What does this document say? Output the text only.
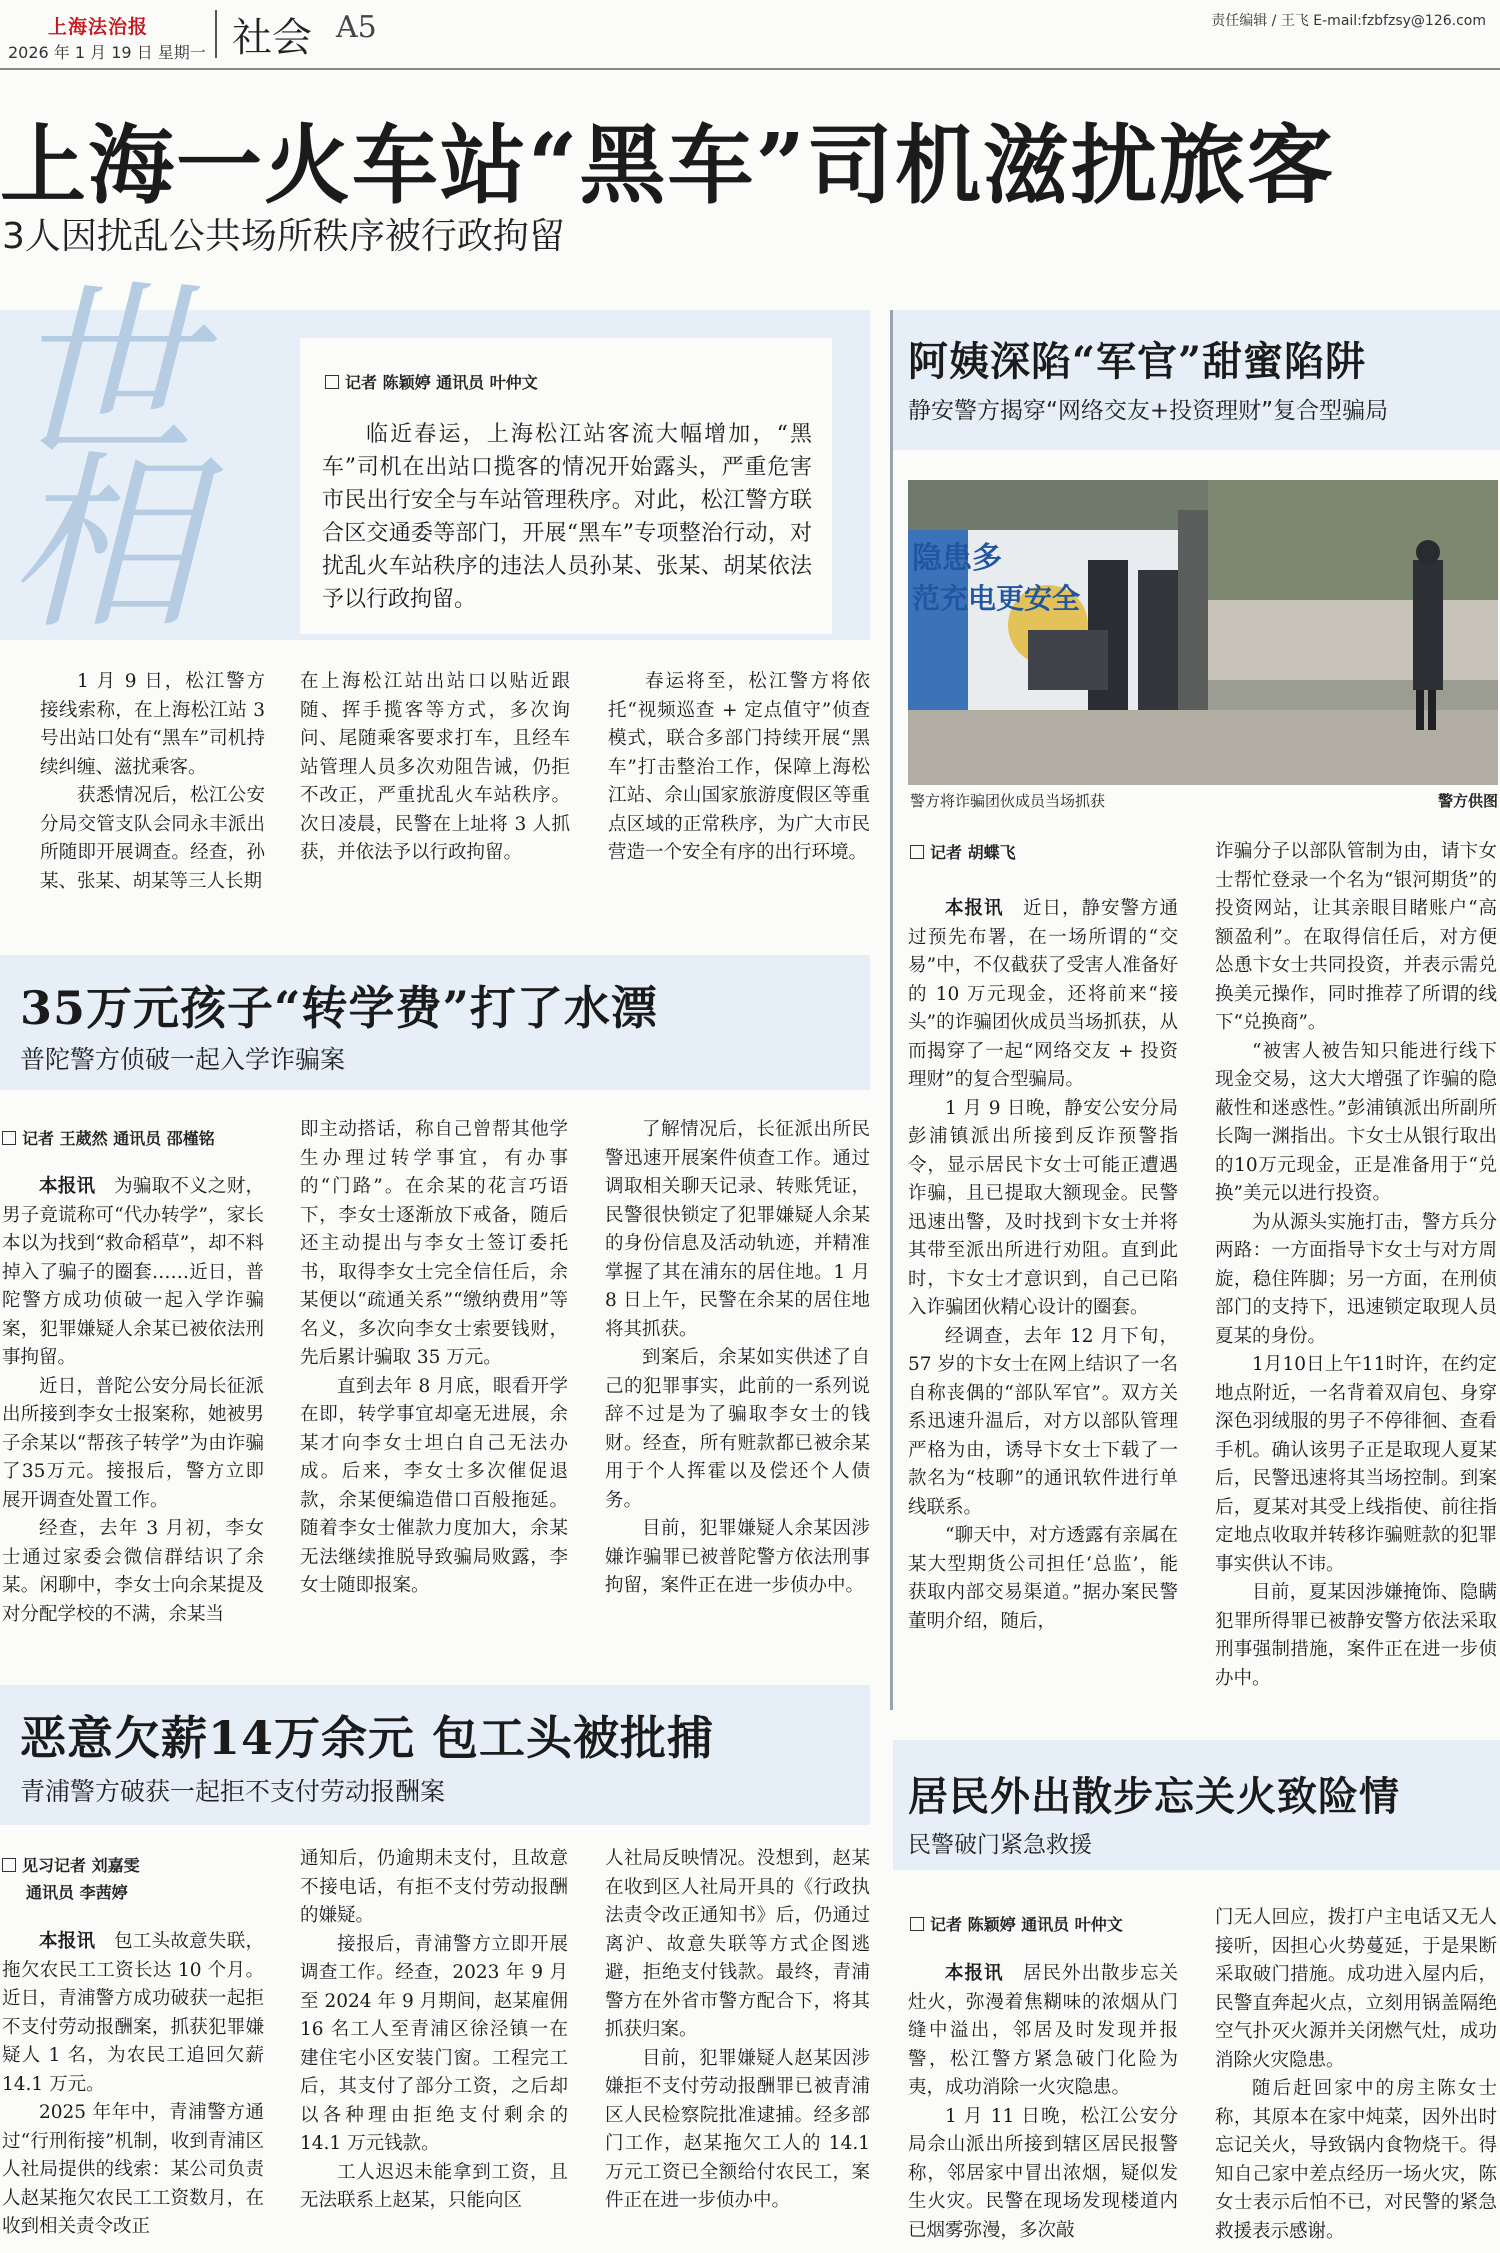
上海法治报
2026 年 1 月 19 日 星期一 社会 A5	责任编辑 / 王飞 E-mail:fzbfzsy@126.com
上海一火车站“黑车”司机滋扰旅客
3人因扰乱公共场所秩序被行政拘留
世相
记者 陈颖婷 通讯员 叶仲文
临近春运，上海松江站客流大幅增加，“黑车”司机在出站口揽客的情况开始露头，严重危害市民出行安全与车站管理秩序。对此，松江警方联合区交通委等部门，开展“黑车”专项整治行动，对扰乱火车站秩序的违法人员孙某、张某、胡某依法予以行政拘留。

1 月 9 日，松江警方接线索称，在上海松江站 3 号出站口处有“黑车”司机持续纠缠、滋扰乘客。

获悉情况后，松江公安分局交管支队会同永丰派出所随即开展调查。经查，孙某、张某、胡某等三人长期

在上海松江站出站口以贴近跟随、挥手揽客等方式，多次询问、尾随乘客要求打车，且经车站管理人员多次劝阻告诫，仍拒不改正，严重扰乱火车站秩序。次日凌晨，民警在上址将 3 人抓获，并依法予以行政拘留。

春运将至，松江警方将依托“视频巡查 + 定点值守”侦查模式，联合多部门持续开展“黑车”打击整治工作，保障上海松江站、佘山国家旅游度假区等重点区域的正常秩序，为广大市民营造一个安全有序的出行环境。

35万元孩子“转学费”打了水漂
普陀警方侦破一起入学诈骗案
记者 王葳然 通讯员 邵槿铭

本报讯  为骗取不义之财，男子竟谎称可“代办转学”，家长本以为找到“救命稻草”，却不料掉入了骗子的圈套……近日，普陀警方成功侦破一起入学诈骗案，犯罪嫌疑人余某已被依法刑事拘留。

近日，普陀公安分局长征派出所接到李女士报案称，她被男子余某以“帮孩子转学”为由诈骗了35万元。接报后，警方立即展开调查处置工作。

经查，去年 3 月初，李女士通过家委会微信群结识了余某。闲聊中，李女士向余某提及对分配学校的不满，余某当

即主动搭话，称自己曾帮其他学生办理过转学事宜，有办事的“门路”。在余某的花言巧语下，李女士逐渐放下戒备，随后还主动提出与李女士签订委托书，取得李女士完全信任后，余某便以“疏通关系”“缴纳费用”等名义，多次向李女士索要钱财，先后累计骗取 35 万元。

直到去年 8 月底，眼看开学在即，转学事宜却毫无进展，余某才向李女士坦白自己无法办成。后来，李女士多次催促退款，余某便编造借口百般拖延。随着李女士催款力度加大，余某无法继续推脱导致骗局败露，李女士随即报案。

了解情况后，长征派出所民警迅速开展案件侦查工作。通过调取相关聊天记录、转账凭证，民警很快锁定了犯罪嫌疑人余某的身份信息及活动轨迹，并精准掌握了其在浦东的居住地。1 月 8 日上午，民警在余某的居住地将其抓获。

到案后，余某如实供述了自己的犯罪事实，此前的一系列说辞不过是为了骗取李女士的钱财。经查，所有赃款都已被余某用于个人挥霍以及偿还个人债务。

目前，犯罪嫌疑人余某因涉嫌诈骗罪已被普陀警方依法刑事拘留，案件正在进一步侦办中。

恶意欠薪14万余元 包工头被批捕
青浦警方破获一起拒不支付劳动报酬案
见习记者 刘嘉雯
通讯员 李茜婷

本报讯  包工头故意失联，拖欠农民工工资长达 10 个月。近日，青浦警方成功破获一起拒不支付劳动报酬案，抓获犯罪嫌疑人 1 名，为农民工追回欠薪 14.1 万元。

2025 年年中，青浦警方通过“行刑衔接”机制，收到青浦区人社局提供的线索：某公司负责人赵某拖欠农民工工资数月，在收到相关责令改正

通知后，仍逾期未支付，且故意不接电话，有拒不支付劳动报酬的嫌疑。

接报后，青浦警方立即开展调查工作。经查，2023 年 9 月至 2024 年 9 月期间，赵某雇佣 16 名工人至青浦区徐泾镇一在建住宅小区安装门窗。工程完工后，其支付了部分工资，之后却以各种理由拒绝支付剩余的 14.1 万元钱款。

工人迟迟未能拿到工资，且无法联系上赵某，只能向区

人社局反映情况。没想到，赵某在收到区人社局开具的《行政执法责令改正通知书》后，仍通过离沪、故意失联等方式企图逃避，拒绝支付钱款。最终，青浦警方在外省市警方配合下，将其抓获归案。

目前，犯罪嫌疑人赵某因涉嫌拒不支付劳动报酬罪已被青浦区人民检察院批准逮捕。经多部门工作，赵某拖欠工人的 14.1 万元工资已全额给付农民工，案件正在进一步侦办中。

阿姨深陷“军官”甜蜜陷阱
静安警方揭穿“网络交友+投资理财”复合型骗局
隐患多
范充电更安全
警方将诈骗团伙成员当场抓获	警方供图
记者 胡蝶飞

本报讯  近日，静安警方通过预先布署，在一场所谓的“交易”中，不仅截获了受害人准备好的 10 万元现金，还将前来“接头”的诈骗团伙成员当场抓获，从而揭穿了一起“网络交友 + 投资理财”的复合型骗局。

1 月 9 日晚，静安公安分局彭浦镇派出所接到反诈预警指令，显示居民卞女士可能正遭遇诈骗，且已提取大额现金。民警迅速出警，及时找到卞女士并将其带至派出所进行劝阻。直到此时，卞女士才意识到，自己已陷入诈骗团伙精心设计的圈套。

经调查，去年 12 月下旬，57 岁的卞女士在网上结识了一名自称丧偶的“部队军官”。双方关系迅速升温后，对方以部队管理严格为由，诱导卞女士下载了一款名为“枝聊”的通讯软件进行单线联系。

“聊天中，对方透露有亲属在某大型期货公司担任‘总监’，能获取内部交易渠道。”据办案民警董明介绍，随后，

诈骗分子以部队管制为由，请卞女士帮忙登录一个名为“银河期货”的投资网站，让其亲眼目睹账户“高额盈利”。在取得信任后，对方便怂恿卞女士共同投资，并表示需兑换美元操作，同时推荐了所谓的线下“兑换商”。

“被害人被告知只能进行线下现金交易，这大大增强了诈骗的隐蔽性和迷惑性。”彭浦镇派出所副所长陶一渊指出。卞女士从银行取出的10万元现金，正是准备用于“兑换”美元以进行投资。

为从源头实施打击，警方兵分两路：一方面指导卞女士与对方周旋，稳住阵脚；另一方面，在刑侦部门的支持下，迅速锁定取现人员夏某的身份。

1月10日上午11时许，在约定地点附近，一名背着双肩包、身穿深色羽绒服的男子不停徘徊、查看手机。确认该男子正是取现人夏某后，民警迅速将其当场控制。到案后，夏某对其受上线指使、前往指定地点收取并转移诈骗赃款的犯罪事实供认不讳。

目前，夏某因涉嫌掩饰、隐瞒犯罪所得罪已被静安警方依法采取刑事强制措施，案件正在进一步侦办中。

居民外出散步忘关火致险情
民警破门紧急救援
记者 陈颖婷 通讯员 叶仲文

本报讯  居民外出散步忘关灶火，弥漫着焦糊味的浓烟从门缝中溢出，邻居及时发现并报警，松江警方紧急破门化险为夷，成功消除一火灾隐患。

1 月 11 日晚，松江公安分局佘山派出所接到辖区居民报警称，邻居家中冒出浓烟，疑似发生火灾。民警在现场发现楼道内已烟雾弥漫，多次敲

门无人回应，拨打户主电话又无人接听，因担心火势蔓延，于是果断采取破门措施。成功进入屋内后，民警直奔起火点，立刻用锅盖隔绝空气扑灭火源并关闭燃气灶，成功消除火灾隐患。

随后赶回家中的房主陈女士称，其原本在家中炖菜，因外出时忘记关火，导致锅内食物烧干。得知自己家中差点经历一场火灾，陈女士表示后怕不已，对民警的紧急救援表示感谢。
